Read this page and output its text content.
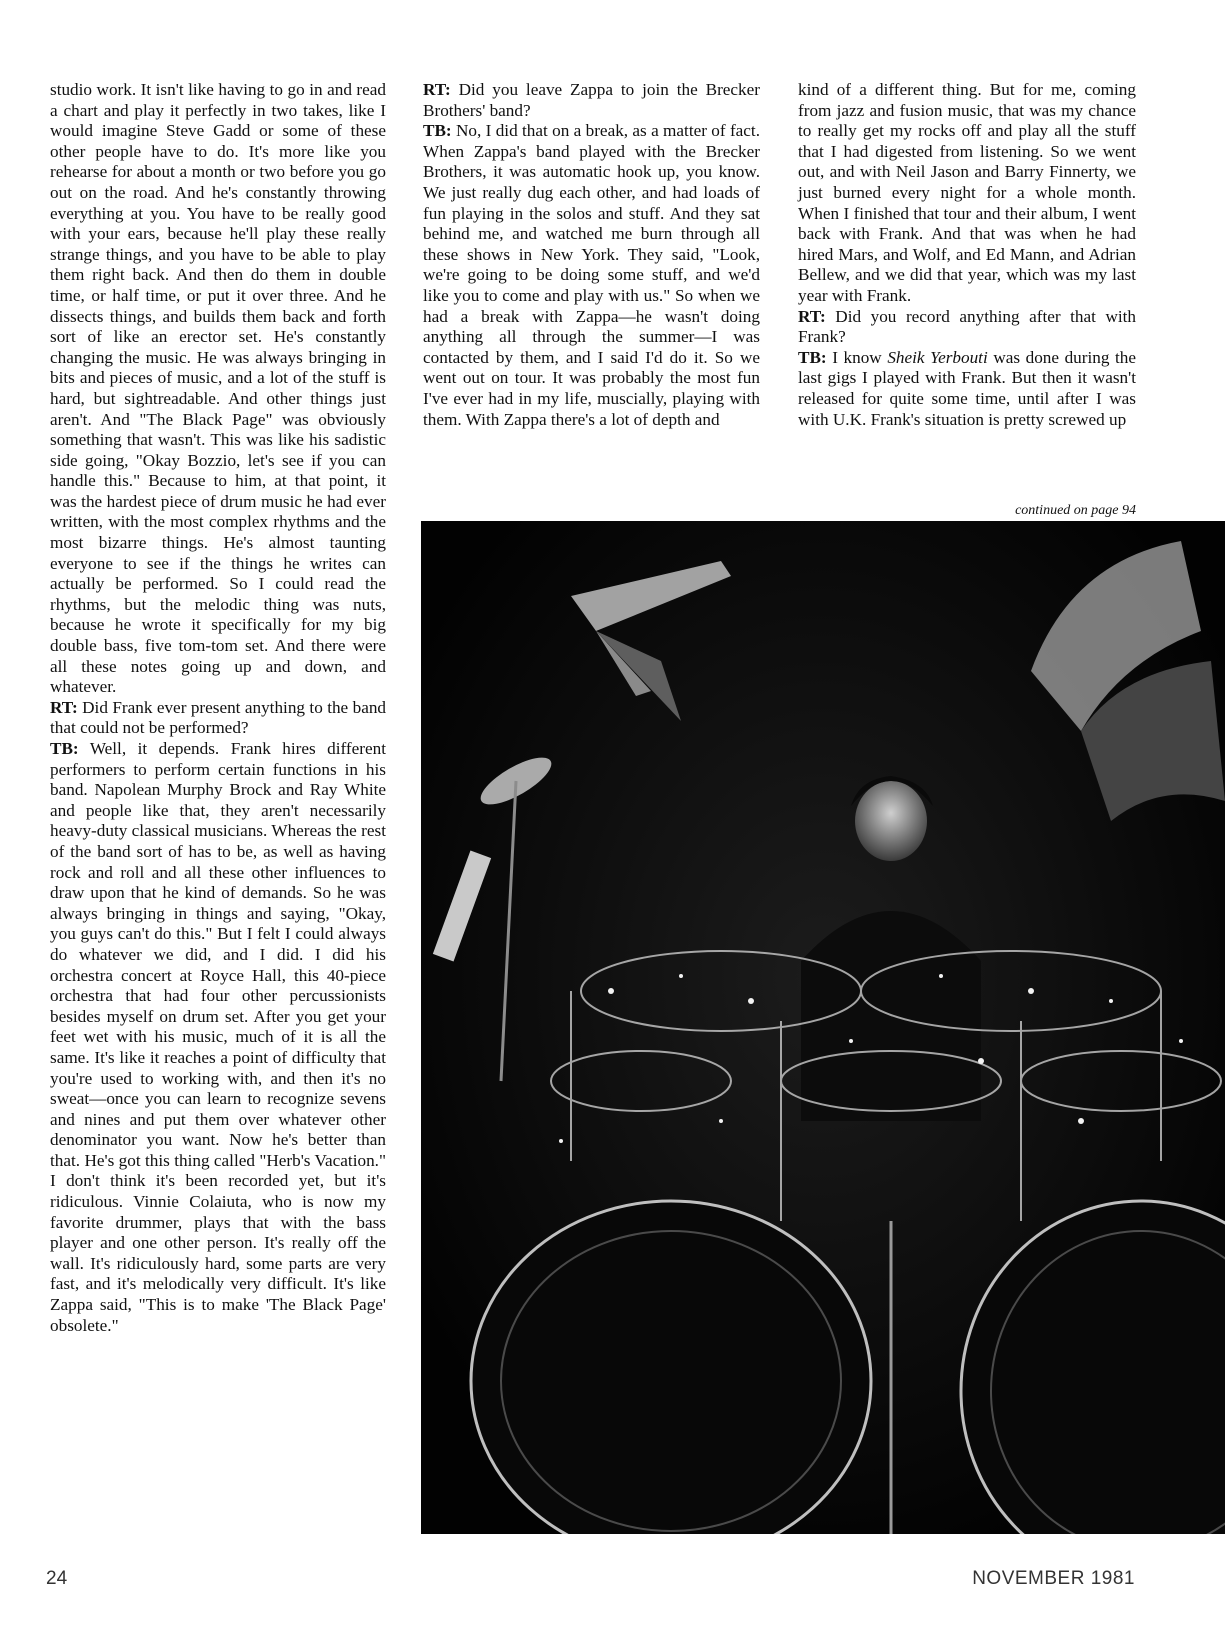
studio work. It isn't like having to go in and read a chart and play it perfectly in two takes, like I would imagine Steve Gadd or some of these other people have to do. It's more like you rehearse for about a month or two before you go out on the road. And he's constantly throwing everything at you. You have to be really good with your ears, because he'll play these really strange things, and you have to be able to play them right back. And then do them in double time, or half time, or put it over three. And he dissects things, and builds them back and forth sort of like an erector set. He's constantly changing the music. He was always bringing in bits and pieces of music, and a lot of the stuff is hard, but sightreadable. And other things just aren't. And "The Black Page" was obviously something that wasn't. This was like his sadistic side going, "Okay Bozzio, let's see if you can handle this." Because to him, at that point, it was the hardest piece of drum music he had ever written, with the most complex rhythms and the most bizarre things. He's almost taunting everyone to see if the things he writes can actually be performed. So I could read the rhythms, but the melodic thing was nuts, because he wrote it specifically for my big double bass, five tom-tom set. And there were all these notes going up and down, and whatever.

RT: Did Frank ever present anything to the band that could not be performed?

TB: Well, it depends. Frank hires different performers to perform certain functions in his band. Napolean Murphy Brock and Ray White and people like that, they aren't necessarily heavy-duty classical musicians. Whereas the rest of the band sort of has to be, as well as having rock and roll and all these other influences to draw upon that he kind of demands. So he was always bringing in things and saying, "Okay, you guys can't do this." But I felt I could always do whatever we did, and I did. I did his orchestra concert at Royce Hall, this 40-piece orchestra that had four other percussionists besides myself on drum set. After you get your feet wet with his music, much of it is all the same. It's like it reaches a point of difficulty that you're used to working with, and then it's no sweat—once you can learn to recognize sevens and nines and put them over whatever other denominator you want. Now he's better than that. He's got this thing called "Herb's Vacation." I don't think it's been recorded yet, but it's ridiculous. Vinnie Colaiuta, who is now my favorite drummer, plays that with the bass player and one other person. It's really off the wall. It's ridiculously hard, some parts are very fast, and it's melodically very difficult. It's like Zappa said, "This is to make 'The Black Page' obsolete."

RT: Did you leave Zappa to join the Brecker Brothers' band?

TB: No, I did that on a break, as a matter of fact. When Zappa's band played with the Brecker Brothers, it was automatic hook up, you know. We just really dug each other, and had loads of fun playing in the solos and stuff. And they sat behind me, and watched me burn through all these shows in New York. They said, "Look, we're going to be doing some stuff, and we'd like you to come and play with us." So when we had a break with Zappa—he wasn't doing anything all through the summer—I was contacted by them, and I said I'd do it. So we went out on tour. It was probably the most fun I've ever had in my life, muscially, playing with them. With Zappa there's a lot of depth and

kind of a different thing. But for me, coming from jazz and fusion music, that was my chance to really get my rocks off and play all the stuff that I had digested from listening. So we went out, and with Neil Jason and Barry Finnerty, we just burned every night for a whole month. When I finished that tour and their album, I went back with Frank. And that was when he had hired Mars, and Wolf, and Ed Mann, and Adrian Bellew, and we did that year, which was my last year with Frank.

RT: Did you record anything after that with Frank?

TB: I know Sheik Yerbouti was done during the last gigs I played with Frank. But then it wasn't released for quite some time, until after I was with U.K. Frank's situation is pretty screwed up

continued on page 94
24	NOVEMBER 1981
